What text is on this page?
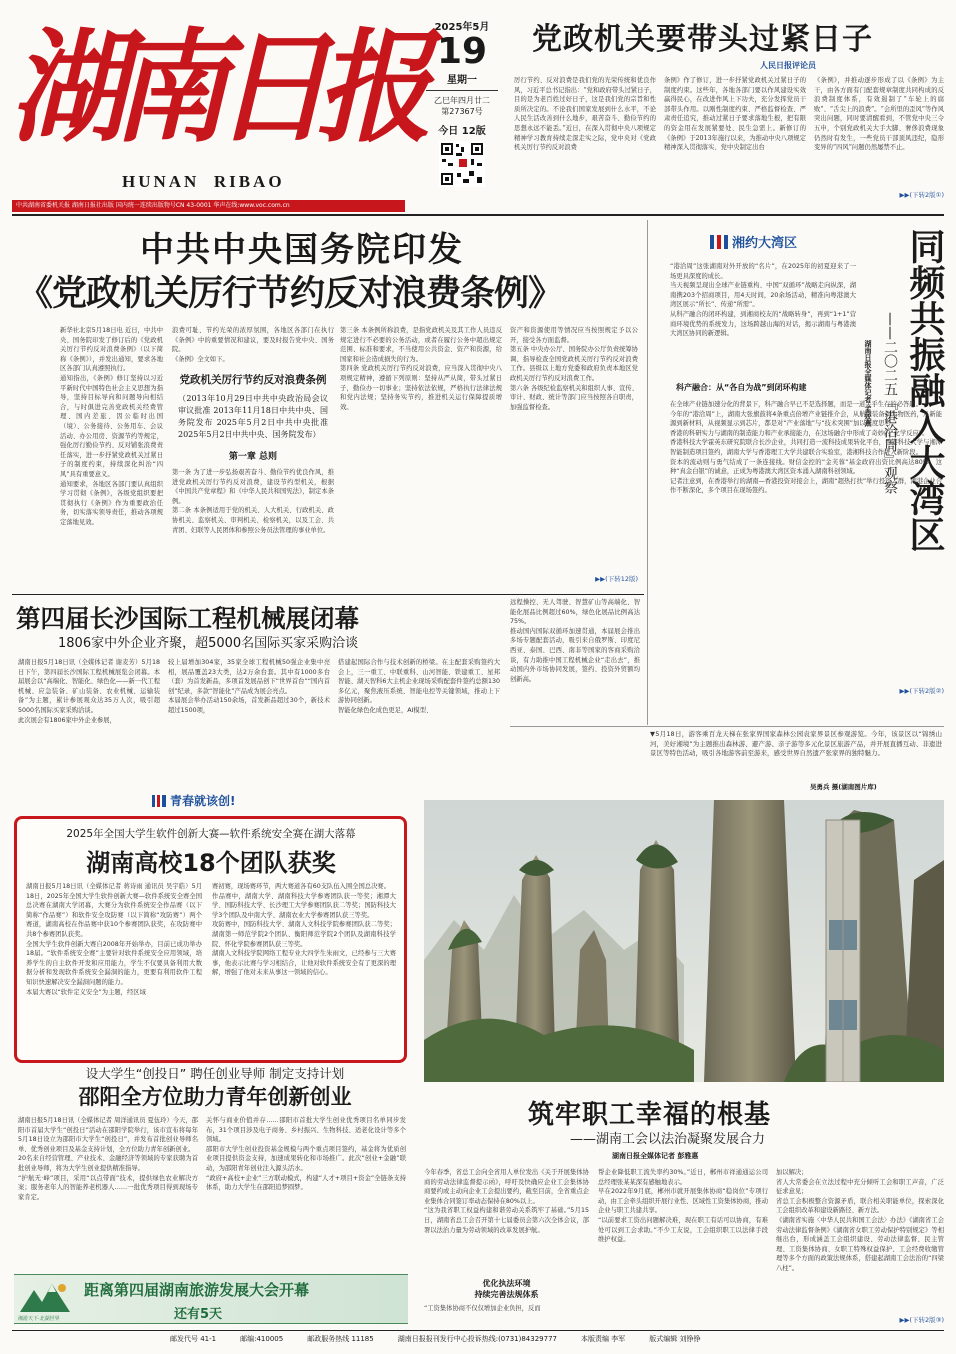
湖南日报
HUNAN  RIBAO
2025年5月
19
星期一
乙巳年四月廿二
第27367号
今日 12版
党政机关要带头过紧日子
人民日报评论员
厉行节约、反对浪费是我们党的光荣传统和优良作风，习近平总书记指出：“党和政府带头过紧日子，目的是为老百姓过好日子，这是我们党的宗旨和性质所决定的。不论我们国家发展到什么水平，不论人民生活改善到什么地步，艰苦奋斗、勤俭节约的思想永远不能丢。”近日，在深入贯彻中央八项规定精神学习教育持续走深走实之际，党中央对《党政机关厉行节约反对浪费
条例》作了修订，进一步抒紧党政机关过紧日子的制度约束。这些年，各地各部门要以作风建设实效赢得民心，在改进作风上下功夫，充分发挥党员干部带头作用。以刚性制度约束、严格监督检查、严肃责任追究，推动过紧日子要求落地生根，把有限的资金用在发展紧要处、民生急需上。新修订的《条例》于2013年施行以来，为推动中央八项规定精神深入贯彻落实、党中央制定出台
《条例》，并推动逐步形成了以《条例》为主干，由各方面有门配套规章制度共同构成的反浪费制度体系，有效遏制了“车轮上的腐败”、“舌尖上的浪费”。“会所里的歪风”等作风突出问题，同时要清醒看到，不管党中央三令五申，个别党政机关大手大脚、奢侈浪费现象仍然时有发生，一些党员干部顶风违纪，隐形变异的“四风”问题仍然屡禁不止。
▶▶(下转2版①)
中共湖南省委机关报 湖南日报社出版 国内统一连续出版物号CN 43-0001 华声在线:www.voc.com.cn
中共中央国务院印发
《党政机关厉行节约反对浪费条例》
新华社北京5月18日电 近日，中共中央、国务院印发了修订后的《党政机关厉行节约反对浪费条例》（以下简称《条例》），并发出通知，要求各地区各部门认真遵照执行。
通知指出，《条例》修订坚持以习近平新时代中国特色社会主义思想为指导，坚持目标导向和问题导向相结合，与时俱进完善党政机关经费管理、国内差旅、因公临时出国（境）、公务接待、公务用车、会议活动、办公用房、资源节约等规定，强化厉行勤俭节约、反对铺张浪费责任落实，进一步抒紧党政机关过紧日子的制度约束，持续深化纠治“四风”具有重要意义。
通知要求，各地区各部门要认真组织学习贯彻《条例》，各级党组织要把贯彻执行《条例》作为重要政治任务，切实落实领导责任，推动各项规定落地见效。
浪费可耻、节约光荣的浓厚氛围，各地区各部门在执行《条例》中的重要情况和建议，要及时报告党中央、国务院。
《条例》全文如下。
党政机关厉行节约反对浪费条例
（2013年10月29日中共中央政治局会议审议批准 2013年11月18日中共中央、国务院发布 2025年5月2日中共中央批准 2025年5月2日中共中央、国务院发布）
第一章 总则
第一条 为了进一步弘扬艰苦奋斗、勤俭节约优良作风，推进党政机关厉行节约反对浪费，建设节约型机关，根据《中国共产党章程》和《中华人民共和国宪法》，制定本条例。
第二条 本条例适用于党的机关、人大机关、行政机关、政协机关、监察机关、审判机关、检察机关，以及工会、共青团、妇联等人民团体和参照公务员法管理的事业单位。
第三条 本条例所称浪费，是指党政机关及其工作人员违反规定进行不必要的公务活动，或者在履行公务中超出规定范围、标准和要求，不当使用公共资金、资产和资源，给国家和社会造成损失的行为。
第四条 党政机关厉行节约反对浪费，应当深入贯彻中央八项规定精神，遵循下列原则：坚持从严从简，带头过紧日子，勤俭办一切事业；坚持依法依规，严格执行法律法规和党内法规；坚持务实节约，推进机关运行保障提质增效。
资产和资源使用等情况应当按照规定予以公开，接受各方面监督。
第五条 中央办公厅、国务院办公厅负责统筹协调、指导检查全国党政机关厉行节约反对浪费工作。县级以上地方党委和政府负责本地区党政机关厉行节约反对浪费工作。
第六条 各级纪检监察机关和组织人事、宣传、审计、财政、统计等部门应当按照各自职责，加强监督检查。
▶▶(下转12版)
湘约大湾区	同频共振融入大湾区
——二〇二五『港洽周』观察
湖南日报全媒体记者 孟姣燕
“港洽周”这张湖南对外开放的“名片”，在2025年的初夏迎来了一场更具深度的成长。
当天视频呈现出全球产业链重构、中国“双循环”战略走向纵深，湖南携203个招商项目，用4天时间，20余场活动，精准向粤港澳大湾区展示“所长”、传递“所需”。
从科产融合的闭环构建，到湘商校友的“战略转身”，再到“1+1”营商环境优势的系统发力，这场跨越山海的对话，揭示湖南与粤港澳大湾区协同的新逻辑。
科产融合：从“各自为战”到闭环构建
在全球产业链加速分化的背景下，科产融合早已不是选择题，而是一道关乎生存的必答题。
今年的“港洽周”上，湖南大张旗鼓将4条重点倍增产业链推介会，从航空装备到生物医药，从新能源到新材料，从视频显示到芯片，都是对“产业落地”与“技术突围”加以深度思考。
香港的科研实力与湖南的制造能力和产业承接能力，在这场融合中形成了奇妙的“化学反应”。
香港科技大学霍英东研究院联合长沙企业，共同打造一流科技成果转化平台，香港科技大学与湘潭智能制造项目签约，湖南大学与香港理工大学共建联合实验室，港湘科技合作进入新阶段。
资本的流动则与勇气结成了一条连接线。财信金控的“金芙蓉”基金政府出资比例高达80%，这种“真金白银”的诚意，正成为粤港澳大湾区资本涌入湖南科创领域。
记者注意到，在香港举行的湖南—香港投资对接会上，湖南“超热打扶”举行投资人群，湘港企业合作不断深化，多个项目在现场签约。
▶▶(下转2版②)
第四届长沙国际工程机械展闭幕
1806家中外企业齐聚，超5000名国际买家采购洽谈
湖南日报5月18日讯（全媒体记者 谢麦芳）5月18日下午，第四届长沙国际工程机械展览会闭幕。本届展会以“高端化、智能化、绿色化——新一代工程机械、应急装备、矿山装备、农业机械、运输装备”为主题，累计参展观众达35万人次，吸引超5000名国际买家采购洽谈。
此次展会有1806家中外企业参展，
较上届增加304家，35家全球工程机械50强企业集中亮相，展品覆盖23大类，达2万余台套。其中有1000多台（套）为首发新品，多项首发展品创下“世界首台”“国内首创”纪录，多款“智能化”产品成为展会亮点。
本届展会举办活动150余场，首发新品超过30个，新技术超过1500项，
搭建起国际合作与技术创新的桥梁。在主配套采购签约大会上，三一重工、中联重科、山河智能、铁建重工、星邦智能、湖天智科6大主机企业现场采购配套件签约总额130多亿元，聚焦液压系统、智能电控等关键领域，推动上下游协同创新。
智能化绿色化成色更足，AI模型、
远程操控、无人驾驶、智慧矿山等高端化、智能化展品比例超过60%，绿色化展品比例高达75%。
推动国内国际双循环加速贯通，本届展会推出多场专题配套活动，吸引来自俄罗斯、印度尼西亚、泰国、巴西、南非等国家的客商采购洽谈，有力助推中国工程机械企业“走出去”，推动国内外市场协同发展，签约、投资外贸额均创新高。
▼5月18日，游客乘百龙天梯在张家界国家森林公园袁家界景区参观游览。今年，该景区以“锦绣山河，美好湘境”为主题推出森林游、避产游、亲子游等多元化景区旅游产品，并开展直播互动、非遗进景区等特色活动，吸引各地游客前至游来，感受世界自然遗产张家界的独特魅力。
吴勇兵 摄(湖南图片库)
青春就该创!
2025年全国大学生软件创新大赛—软件系统安全赛在湖大落幕
湖南高校18个团队获奖
湖南日报5月18日讯（全媒体记者 蒋诗雨 通讯员 吴宇皓）5月18日，2025年全国大学生软件创新大赛—软件系统安全赛全国总决赛在湖南大学闭幕，大赛分为软件系统安全作品赛（以下简称“作品赛”）和软件安全攻防赛（以下简称“攻防赛”）两个赛道，湖南高校在作品赛中获10个参赛团队获奖，在攻防赛中共8个参赛团队获奖。
全国大学生软件创新大赛自2008年开始举办，目前已成功举办18届。“软件系统安全赛”主要针对软件系统安全应用领域，培养学生的自主软件开发和应用能力，学生不仅要具备利用大数据分析和发现软件系统安全漏洞的能力，更要有利用软件工程知识快速解决安全漏洞问题的能力。
本届大赛以“软件定义安全”为主题，经区域
赛初赛，现场赛环节，两大赛道各有60支队伍入围全国总决赛。
作品赛中，湖南大学、湖南科技大学参赛团队获一等奖；湘潭大学、国防科技大学、长沙理工大学参赛团队获二等奖；国防科技大学3个团队及中南大学、湖南农业大学参赛团队获三等奖。
攻防赛中，国防科技大学、湖南人文科技学院参赛团队获二等奖；湖南第一师范学院2个团队、衡阳师范学院2个团队及湖南科技学院、怀化学院参赛团队获三等奖。
湖南人文科技学院网络工程专业大四学生朱雨文，已经参与三大赛事，他表示比赛与学习相结合，让他对软件系统安全有了更深的理解，增强了他对未来从事这一领域的信心。
设大学生“创投日” 聘任创业导师 制定支持计划
邵阳全方位助力青年创新创业
湖南日报5月18日讯（全媒体记者 周洋通讯员 夏伍玲）今天，邵阳市首届大学生“创投日”活动在邵阳学院举行，该市宣布将每年5月18日设立为邵阳市大学生“创投日”，并发布首批创业导师名单、优秀创业项目及基金支持计划，全方位助力青年创新创业。
20名来自经营管理、产业技术、金融经济等领域的专家获聘为首批创业导师，将为大学生创业提供精准指导。
“护航无·峰”项目，采用“以点带面”技术，提供绿色农业解决方案；服务老年人的智能养老机器人……一批优秀项目得到现场专家肯定。
关怀与商业价值并存……邵阳市首批大学生创业优秀项目名单同步发布，31个项目涉及电子商务、乡村振兴、生物科技、适老化设计等多个领域。
邵阳市大学生创业投资基金规模与两个重点项目签约，基金将为优质创业项目提供资金支持，加速成果转化和市场推广。此次“创业+金融”联动，为邵阳青年创业注入源头活水。
“政府+高校+企业”三方联动模式，构建“人才+项目+资金”全链条支持体系，助力大学生在邵阳追梦圆梦。
湘游天下·北湖世界
距离第四届湖南旅游发展大会开幕
还有5天
筑牢职工幸福的根基
——湖南工会以法治凝聚发展合力
湖南日报全媒体记者 彭雅惠
今年春季，省总工会向全省用人单位发出《关于开展集体协商的劳动法律监督提示函》，呼吁及快确应企业工会集体协商要约或主动向企业工会提出要约，截至目前，全省重点企业集体合同签订率动态保持在80%以上。
“这为我省职工权益构建和谐劳动关系筑牢了基础。”5月15日，湖南省总工会召开第十七届委员会第六次全体会议，部署以法治力量为劳动领域的改革发展护航。
优化执法环境
持续完善法规体系
“工资集体协商不仅仅增加企业负担，反而
帮企业降低职工流失率约30%。”近日，郴州市祥通通运公司总经理张某某深有感触地表示。
早在2022年9月底，郴州市就开展集体协商“稳岗位”专项行动，由工会牵头组织开展行业性、区域性工资集体协商，推动企业与职工共建共享。
“以前要求工资出问题解决难，现在职工有话可以协商，有难处可以到工会求助。”不少工友说，工会组织职工以法律手段维护权益。
加以解决；
省人大常委会在立法过程中充分倾听工会和职工声音，广泛征求意见；
省总工会积极整合资源矛盾，联合相关职能单位，探索深化工会组织改革和建设新路径、新方法。
《湖南省实施〈中华人民共和国工会法〉办法》《湖南省工会劳动法律监督条例》《湖南省女职工劳动保护特别规定》等相继出台，形成涵盖工会组织建设、劳动法律监督、民主管理、工资集体协商、女职工特殊权益保护、工会经费收缴管理等多个方面的政策法规体系，搭建起湖南工会法治的“四梁八柱”。
▶▶(下转2版③)
邮发代号 41-1	邮编:410005	邮政服务热线 11185	湖南日报报刊发行中心投诉热线:(0731)84329777	本版责编 李军	版式编辑 刘铮铮
